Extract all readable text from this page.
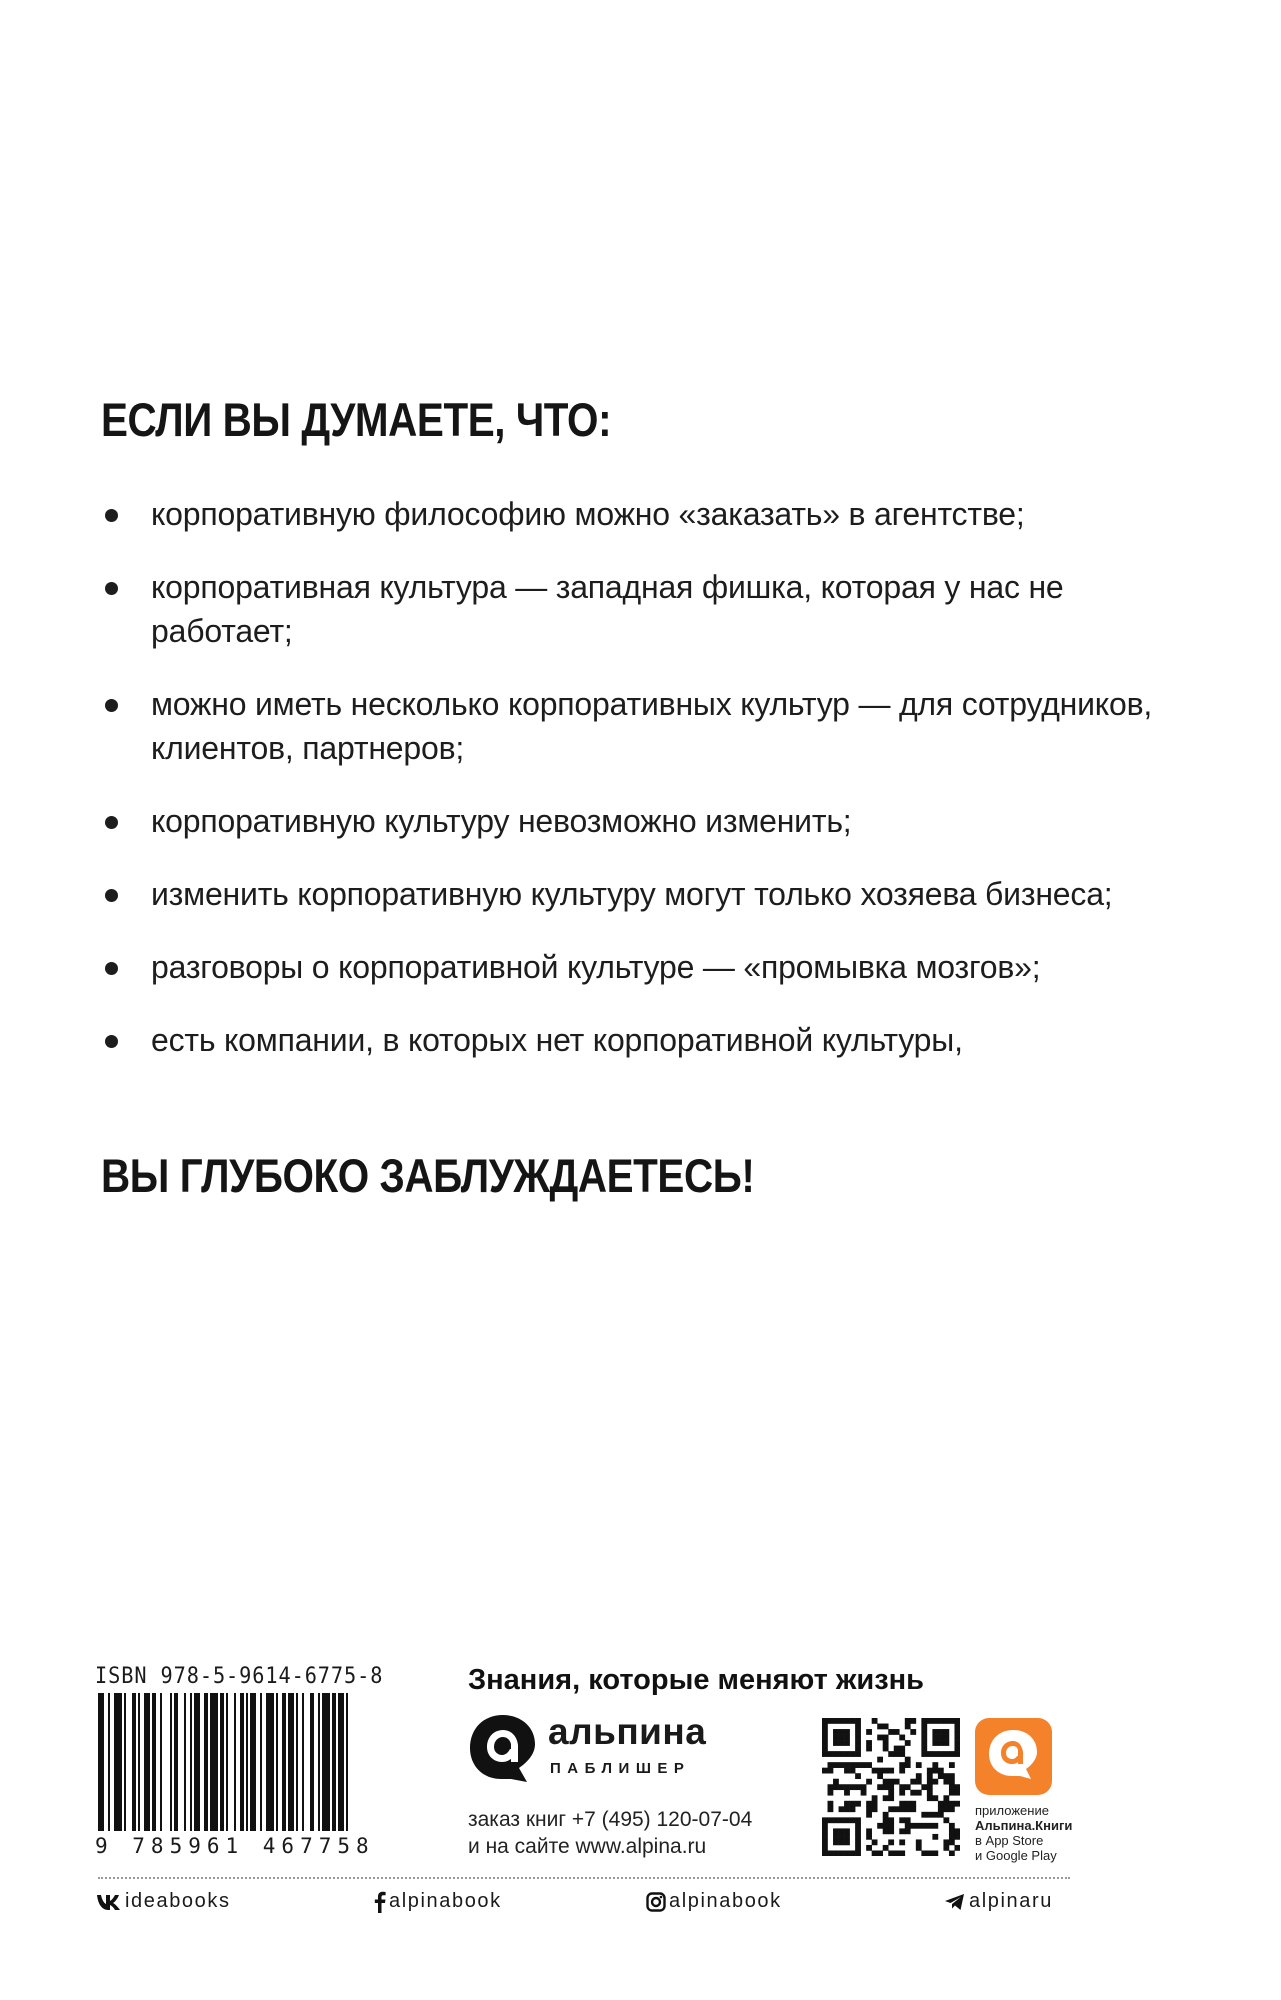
ЕСЛИ ВЫ ДУМАЕТЕ, ЧТО:
корпоративную философию можно «заказать» в агентстве;
корпоративная культура — западная фишка, которая у нас не работает;
можно иметь несколько корпоративных культур — для сотрудников, клиентов, партнеров;
корпоративную культуру невозможно изменить;
изменить корпоративную культуру могут только хозяева бизнеса;
разговоры о корпоративной культуре — «промывка мозгов»;
есть компании, в которых нет корпоративной культуры,
ВЫ ГЛУБОКО ЗАБЛУЖДАЕТЕСЬ!
ISBN 978-5-9614-6775-8
9 785961 467758
Знания, которые меняют жизнь
альпина
ПАБЛИШЕР
заказ книг +7 (495) 120-07-04
и на сайте www.alpina.ru
приложение
Альпина.Книги
в App Store
и Google Play
ideabooks	alpinabook	alpinabook	alpinaru
